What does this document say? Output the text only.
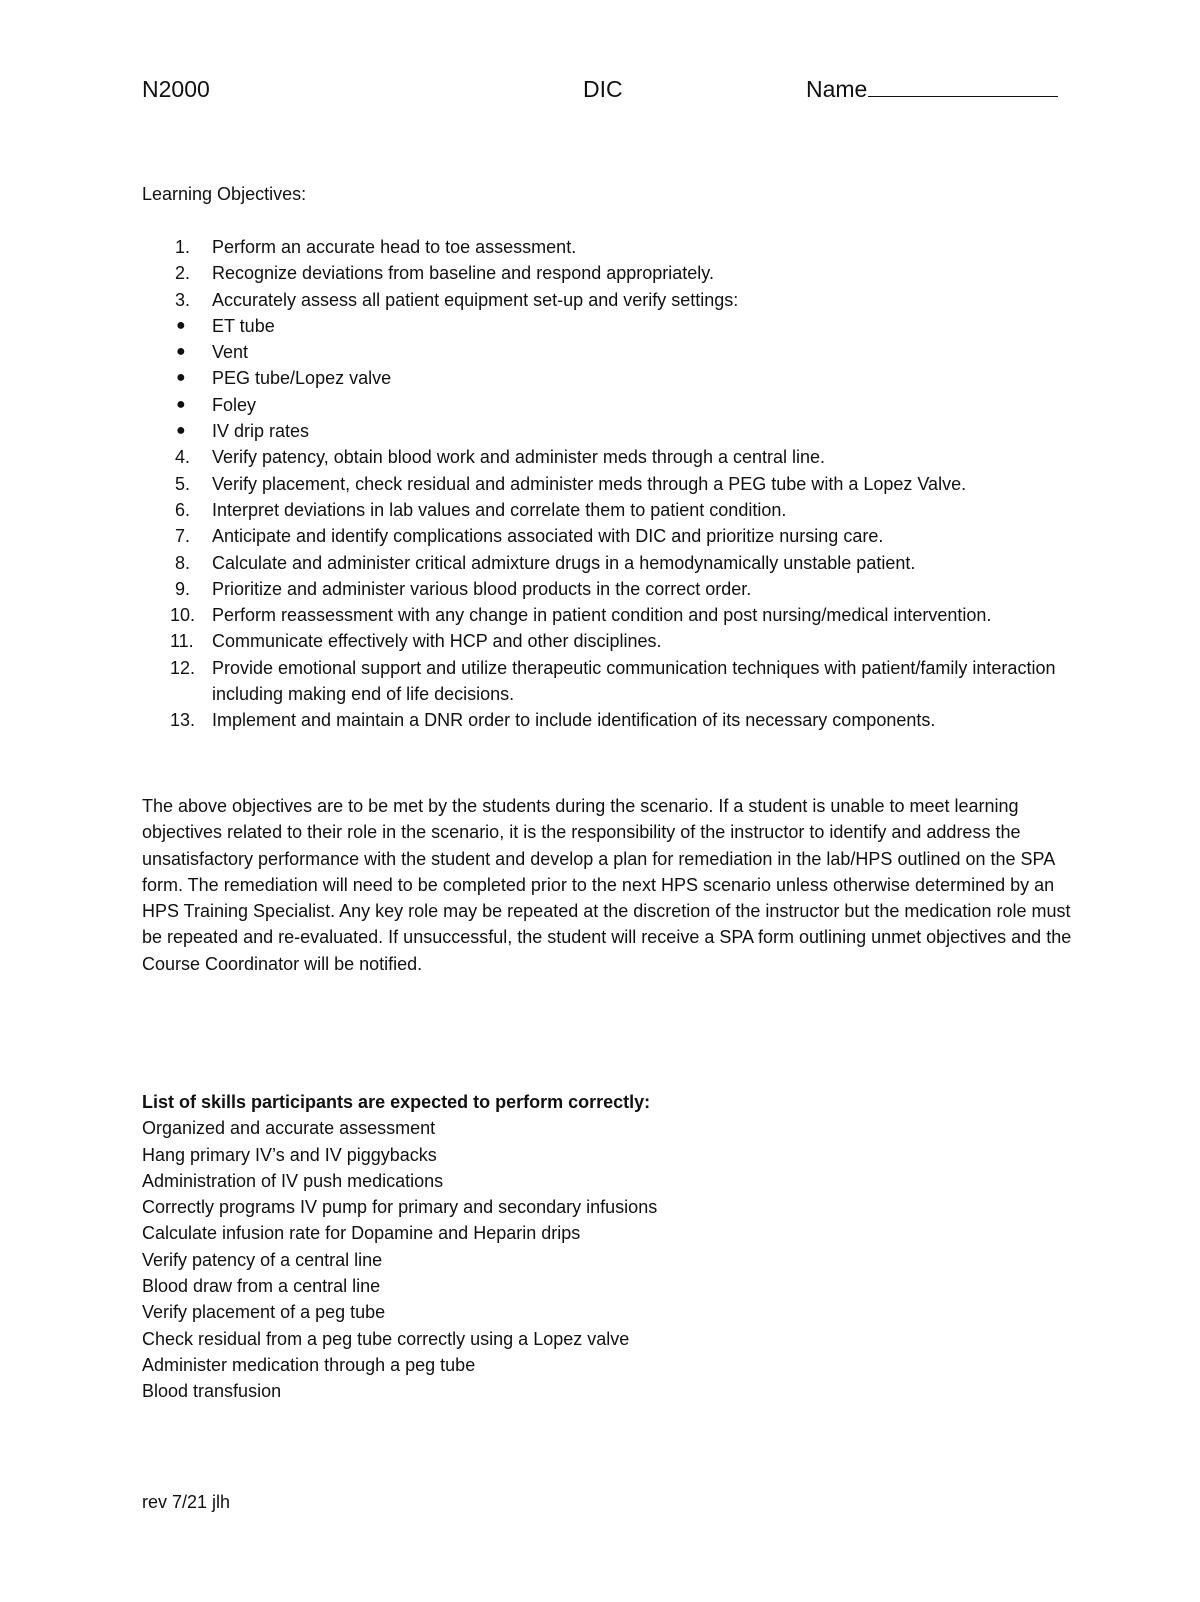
N2000	DIC	Name
Learning Objectives:
1.	Perform an accurate head to toe assessment.
2.	Recognize deviations from baseline and respond appropriately.
3.	Accurately assess all patient equipment set-up and verify settings:
● ET tube
● Vent
● PEG tube/Lopez valve
● Foley
● IV drip rates
4.	Verify patency, obtain blood work and administer meds through a central line.
5.	Verify placement, check residual and administer meds through a PEG tube with a Lopez Valve.
6.	Interpret deviations in lab values and correlate them to patient condition.
7.	Anticipate and identify complications associated with DIC and prioritize nursing care.
8.	Calculate and administer critical admixture drugs in a hemodynamically unstable patient.
9.	Prioritize and administer various blood products in the correct order.
10. Perform reassessment with any change in patient condition and post nursing/medical intervention.
11.	Communicate effectively with HCP and other disciplines.
12. Provide emotional support and utilize therapeutic communication techniques with patient/family interaction including making end of life decisions.
13. Implement and maintain a DNR order to include identification of its necessary components.
The above objectives are to be met by the students during the scenario. If a student is unable to meet learning objectives related to their role in the scenario, it is the responsibility of the instructor to identify and address the unsatisfactory performance with the student and develop a plan for remediation in the lab/HPS outlined on the SPA form. The remediation will need to be completed prior to the next HPS scenario unless otherwise determined by an HPS Training Specialist. Any key role may be repeated at the discretion of the instructor but the medication role must be repeated and re-evaluated. If unsuccessful, the student will receive a SPA form outlining unmet objectives and the Course Coordinator will be notified.
List of skills participants are expected to perform correctly:
Organized and accurate assessment
Hang primary IV’s and IV piggybacks
Administration of IV push medications
Correctly programs IV pump for primary and secondary infusions
Calculate infusion rate for Dopamine and Heparin drips
Verify patency of a central line
Blood draw from a central line
Verify placement of a peg tube
Check residual from a peg tube correctly using a Lopez valve
Administer medication through a peg tube
Blood transfusion
rev 7/21 jlh
